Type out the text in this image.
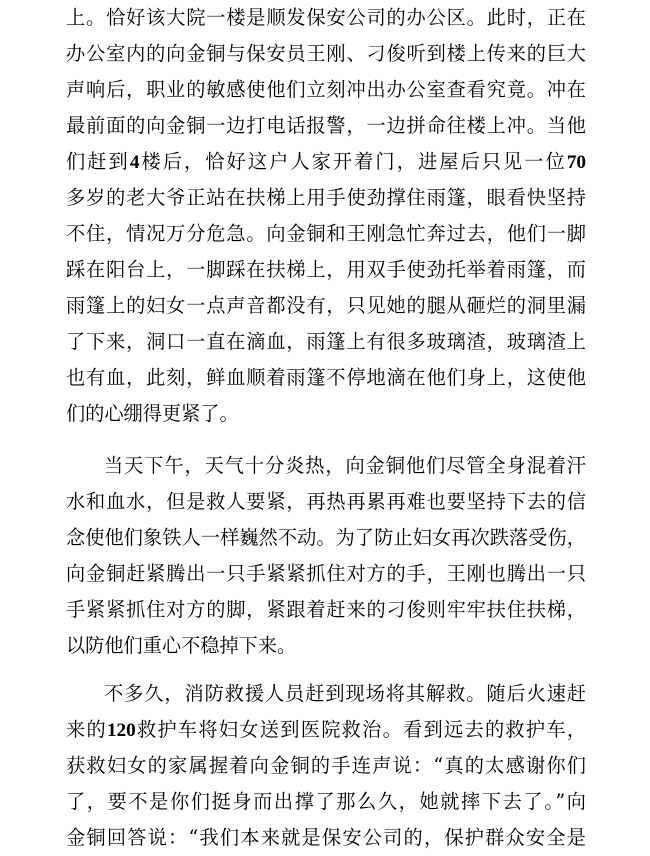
上。恰好该大院一楼是顺发保安公司的办公区。此时，正在
办公室内的向金铜与保安员王刚、刁俊听到楼上传来的巨大
声响后，职业的敏感使他们立刻冲出办公室查看究竟。冲在
最前面的向金铜一边打电话报警，一边拼命往楼上冲。当他
们赶到4楼后，恰好这户人家开着门，进屋后只见一位70
多岁的老大爷正站在扶梯上用手使劲撑住雨篷，眼看快坚持
不住，情况万分危急。向金铜和王刚急忙奔过去，他们一脚
踩在阳台上，一脚踩在扶梯上，用双手使劲托举着雨篷，而
雨篷上的妇女一点声音都没有，只见她的腿从砸烂的洞里漏
了下来，洞口一直在滴血，雨篷上有很多玻璃渣，玻璃渣上
也有血，此刻，鲜血顺着雨篷不停地滴在他们身上，这使他
们的心绷得更紧了。
当天下午，天气十分炎热，向金铜他们尽管全身混着汗
水和血水，但是救人要紧，再热再累再难也要坚持下去的信
念使他们象铁人一样巍然不动。为了防止妇女再次跌落受伤，
向金铜赶紧腾出一只手紧紧抓住对方的手，王刚也腾出一只
手紧紧抓住对方的脚，紧跟着赶来的刁俊则牢牢扶住扶梯，
以防他们重心不稳掉下来。
不多久，消防救援人员赶到现场将其解救。随后火速赶
来的120救护车将妇女送到医院救治。看到远去的救护车，
获救妇女的家属握着向金铜的手连声说：“真的太感谢你们
了，要不是你们挺身而出撑了那么久，她就摔下去了。”向
金铜回答说：“我们本来就是保安公司的，保护群众安全是
